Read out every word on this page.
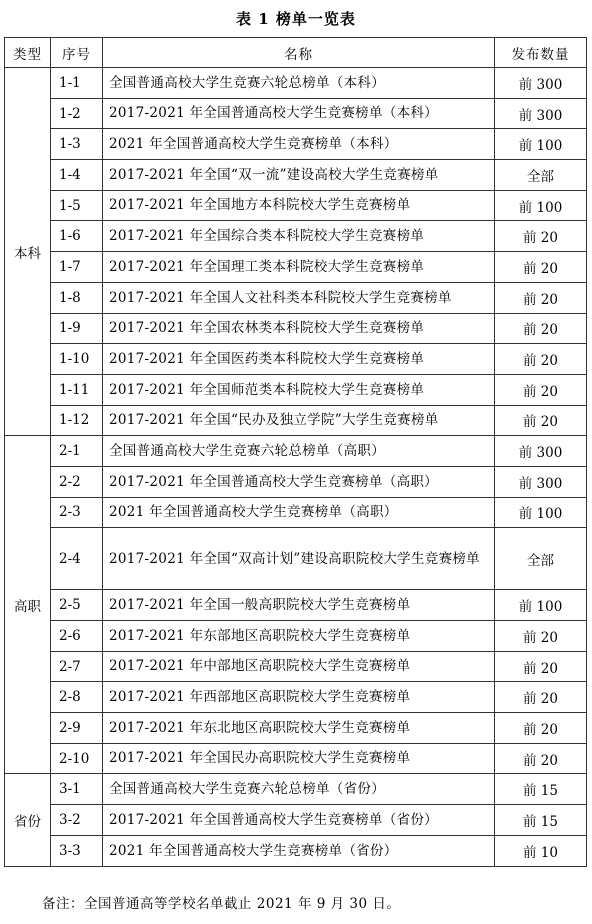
表 1 榜单一览表
类型	序号	名称	发布数量
本科	1-1	全国普通高校大学生竞赛六轮总榜单（本科）	前 300
	1-2	2017-2021 年全国普通高校大学生竞赛榜单（本科）	前 300
	1-3	2021 年全国普通高校大学生竞赛榜单（本科）	前 100
	1-4	2017-2021 年全国“双一流”建设高校大学生竞赛榜单	全部
	1-5	2017-2021 年全国地方本科院校大学生竞赛榜单	前 100
	1-6	2017-2021 年全国综合类本科院校大学生竞赛榜单	前 20
	1-7	2017-2021 年全国理工类本科院校大学生竞赛榜单	前 20
	1-8	2017-2021 年全国人文社科类本科院校大学生竞赛榜单	前 20
	1-9	2017-2021 年全国农林类本科院校大学生竞赛榜单	前 20
	1-10	2017-2021 年全国医药类本科院校大学生竞赛榜单	前 20
	1-11	2017-2021 年全国师范类本科院校大学生竞赛榜单	前 20
	1-12	2017-2021 年全国“民办及独立学院”大学生竞赛榜单	前 20
高职	2-1	全国普通高校大学生竞赛六轮总榜单（高职）	前 300
	2-2	2017-2021 年全国普通高校大学生竞赛榜单（高职）	前 300
	2-3	2021 年全国普通高校大学生竞赛榜单（高职）	前 100
	2-4	2017-2021 年全国“双高计划”建设高职院校大学生竞赛榜单	全部
	2-5	2017-2021 年全国一般高职院校大学生竞赛榜单	前 100
	2-6	2017-2021 年东部地区高职院校大学生竞赛榜单	前 20
	2-7	2017-2021 年中部地区高职院校大学生竞赛榜单	前 20
	2-8	2017-2021 年西部地区高职院校大学生竞赛榜单	前 20
	2-9	2017-2021 年东北地区高职院校大学生竞赛榜单	前 20
	2-10	2017-2021 年全国民办高职院校大学生竞赛榜单	前 20
省份	3-1	全国普通高校大学生竞赛六轮总榜单（省份）	前 15
	3-2	2017-2021 年全国普通高校大学生竞赛榜单（省份）	前 15
	3-3	2021 年全国普通高校大学生竞赛榜单（省份）	前 10
备注：全国普通高等学校名单截止 2021 年 9 月 30 日。
